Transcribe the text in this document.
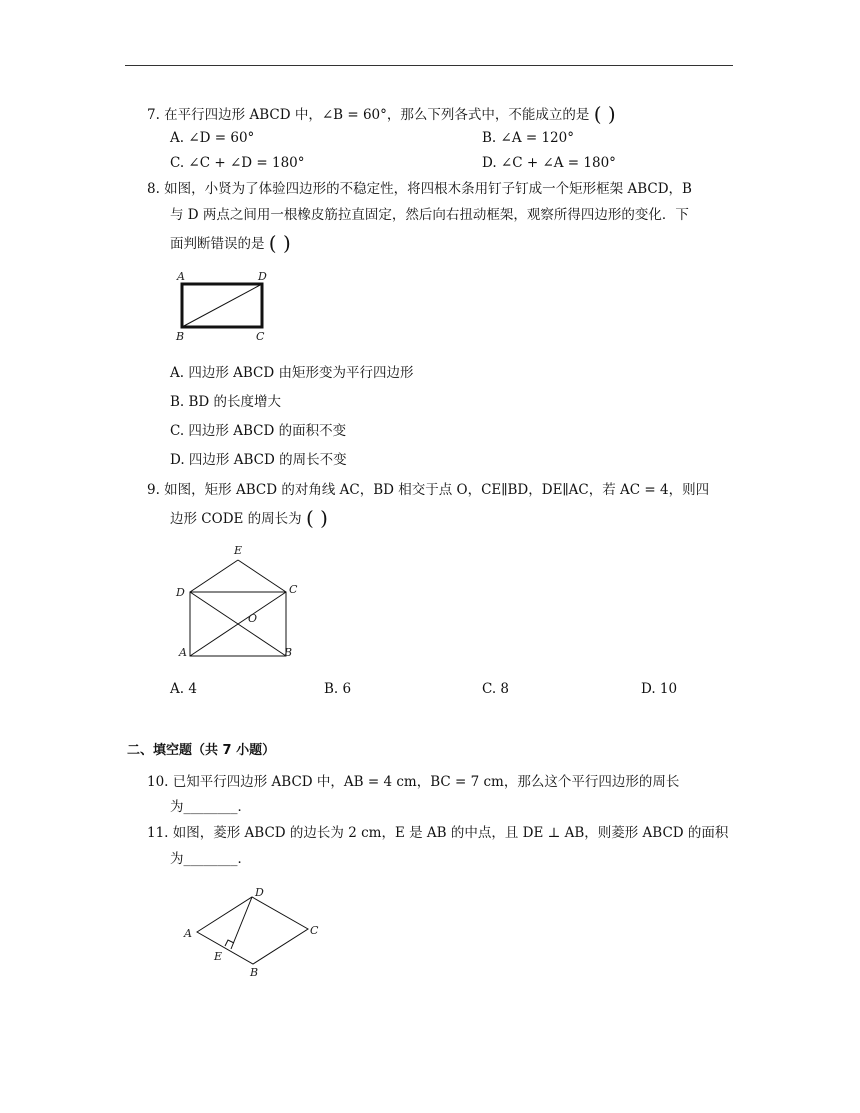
7. 在平行四边形 ABCD 中，∠B = 60°，那么下列各式中，不能成立的是 ( )
A. ∠D = 60°	B. ∠A = 120°
C. ∠C + ∠D = 180°	D. ∠C + ∠A = 180°
8. 如图，小贤为了体验四边形的不稳定性，将四根木条用钉子钉成一个矩形框架 ABCD，B
与 D 两点之间用一根橡皮筋拉直固定，然后向右扭动框架，观察所得四边形的变化．下
面判断错误的是 ( )
A	D
B	C
A. 四边形 ABCD 由矩形变为平行四边形
B. BD 的长度增大
C. 四边形 ABCD 的面积不变
D. 四边形 ABCD 的周长不变
9. 如图，矩形 ABCD 的对角线 AC，BD 相交于点 O，CE∥BD，DE∥AC，若 AC = 4，则四
边形 CODE 的周长为 ( )
E
D	C
O
A	B
A. 4	B. 6	C. 8	D. 10
二、填空题（共 7 小题）
10. 已知平行四边形 ABCD 中，AB = 4 cm，BC = 7 cm，那么这个平行四边形的周长
为________．
11. 如图，菱形 ABCD 的边长为 2 cm，E 是 AB 的中点，且 DE ⊥ AB，则菱形 ABCD 的面积
为________．
D
A	C
E
B
